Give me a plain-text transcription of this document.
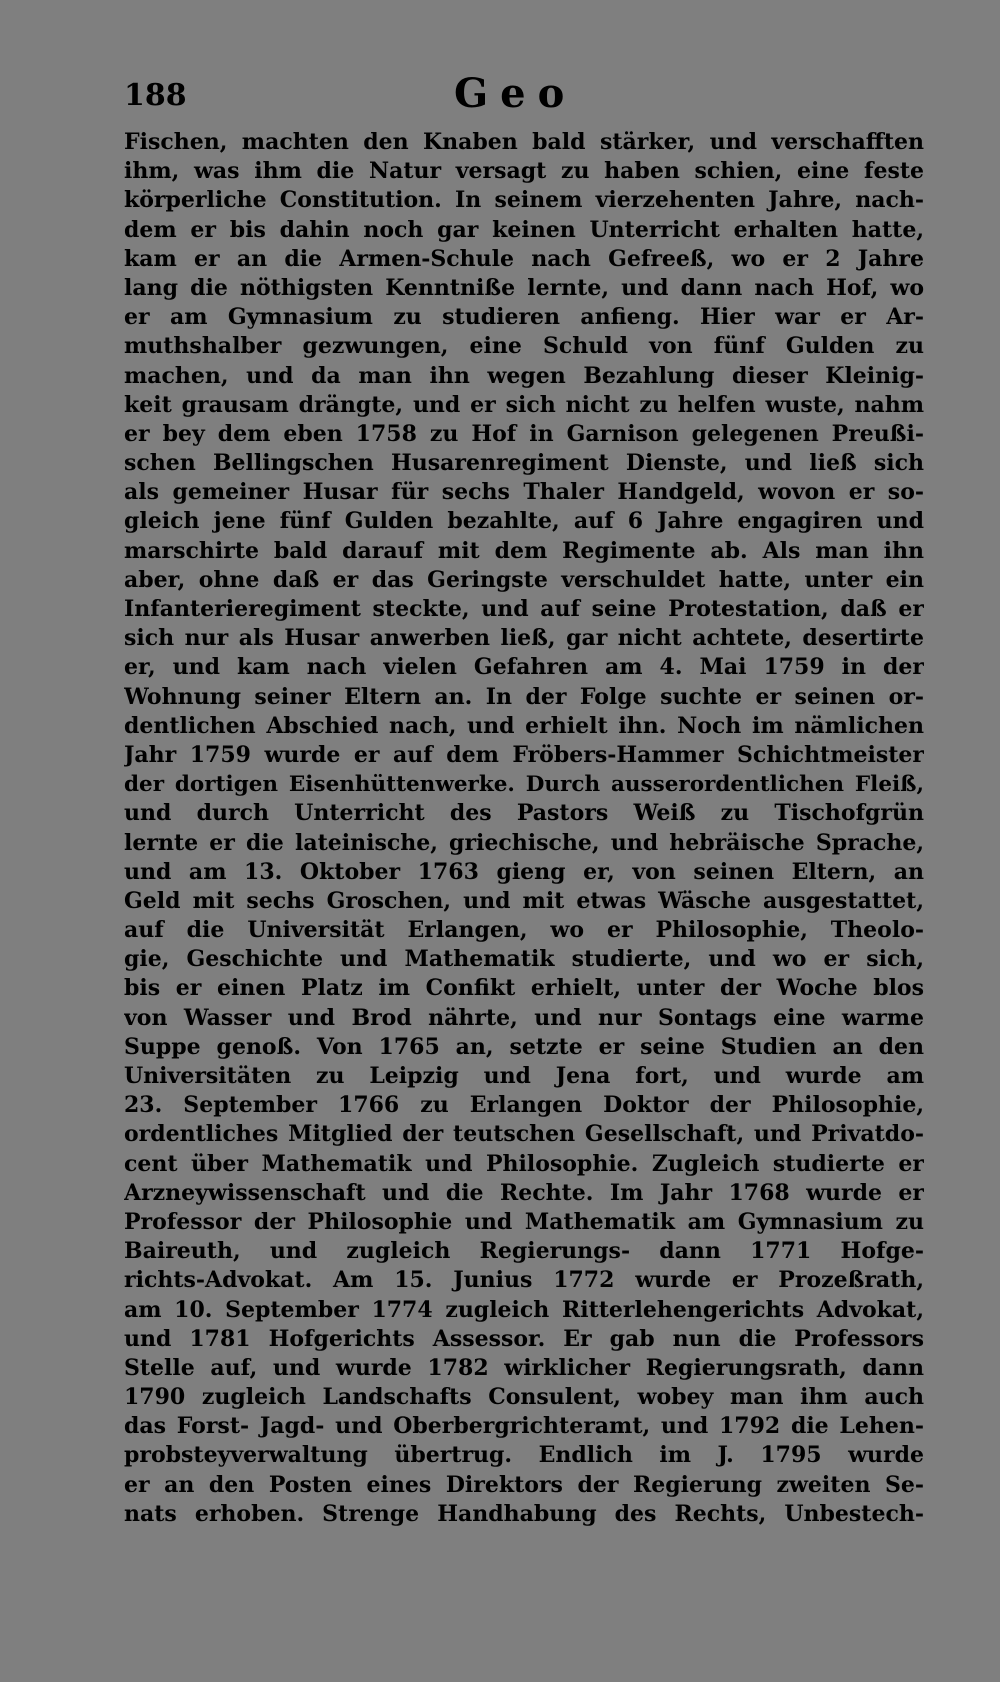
188	Geo
Fischen, machten den Knaben bald stärker, und verschafften
ihm, was ihm die Natur versagt zu haben schien, eine feste
körperliche Constitution. In seinem vierzehenten Jahre, nach-
dem er bis dahin noch gar keinen Unterricht erhalten hatte,
kam er an die Armen-Schule nach Gefreeß, wo er 2 Jahre
lang die nöthigsten Kenntniße lernte, und dann nach Hof, wo
er am Gymnasium zu studieren anfieng. Hier war er Ar-
muthshalber gezwungen, eine Schuld von fünf Gulden zu
machen, und da man ihn wegen Bezahlung dieser Kleinig-
keit grausam drängte, und er sich nicht zu helfen wuste, nahm
er bey dem eben 1758 zu Hof in Garnison gelegenen Preußi-
schen Bellingschen Husarenregiment Dienste, und ließ sich
als gemeiner Husar für sechs Thaler Handgeld, wovon er so-
gleich jene fünf Gulden bezahlte, auf 6 Jahre engagiren und
marschirte bald darauf mit dem Regimente ab. Als man ihn
aber, ohne daß er das Geringste verschuldet hatte, unter ein
Infanterieregiment steckte, und auf seine Protestation, daß er
sich nur als Husar anwerben ließ, gar nicht achtete, desertirte
er, und kam nach vielen Gefahren am 4. Mai 1759 in der
Wohnung seiner Eltern an. In der Folge suchte er seinen or-
dentlichen Abschied nach, und erhielt ihn. Noch im nämlichen
Jahr 1759 wurde er auf dem Fröbers-Hammer Schichtmeister
der dortigen Eisenhüttenwerke. Durch ausserordentlichen Fleiß,
und durch Unterricht des Pastors Weiß zu Tischofgrün
lernte er die lateinische, griechische, und hebräische Sprache,
und am 13. Oktober 1763 gieng er, von seinen Eltern, an
Geld mit sechs Groschen, und mit etwas Wäsche ausgestattet,
auf die Universität Erlangen, wo er Philosophie, Theolo-
gie, Geschichte und Mathematik studierte, und wo er sich,
bis er einen Platz im Confikt erhielt, unter der Woche blos
von Wasser und Brod nährte, und nur Sontags eine warme
Suppe genoß. Von 1765 an, setzte er seine Studien an den
Universitäten zu Leipzig und Jena fort, und wurde am
23. September 1766 zu Erlangen Doktor der Philosophie,
ordentliches Mitglied der teutschen Gesellschaft, und Privatdo-
cent über Mathematik und Philosophie. Zugleich studierte er
Arzneywissenschaft und die Rechte. Im Jahr 1768 wurde er
Professor der Philosophie und Mathematik am Gymnasium zu
Baireuth, und zugleich Regierungs- dann 1771 Hofge-
richts-Advokat. Am 15. Junius 1772 wurde er Prozeßrath,
am 10. September 1774 zugleich Ritterlehengerichts Advokat,
und 1781 Hofgerichts Assessor. Er gab nun die Professors
Stelle auf, und wurde 1782 wirklicher Regierungsrath, dann
1790 zugleich Landschafts Consulent, wobey man ihm auch
das Forst- Jagd- und Oberbergrichteramt, und 1792 die Lehen-
probsteyverwaltung übertrug. Endlich im J. 1795 wurde
er an den Posten eines Direktors der Regierung zweiten Se-
nats erhoben. Strenge Handhabung des Rechts, Unbestech-
